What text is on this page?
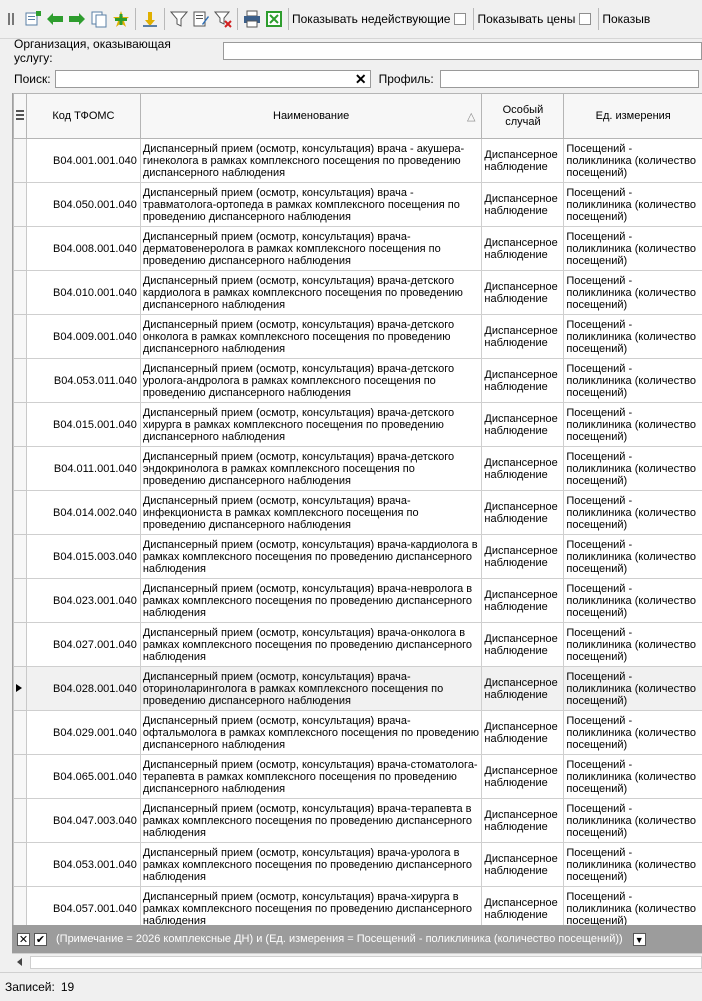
Показывать недействующие Показывать цены Показыв
Организация, оказывающая услугу:
Поиск:	✕	Профиль:
	Код ТФОМС	Наименование △	Особый случай	Ед. измерения
	B04.001.001.040	Диспансерный прием (осмотр, консультация) врача - акушера-гинеколога в рамках комплексного посещения по проведению диспансерного наблюдения	Диспансерное наблюдение	Посещений - поликлиника (количество посещений)
	B04.050.001.040	Диспансерный прием (осмотр, консультация) врача - травматолога-ортопеда в рамках комплексного посещения по проведению диспансерного наблюдения	Диспансерное наблюдение	Посещений - поликлиника (количество посещений)
	B04.008.001.040	Диспансерный прием (осмотр, консультация) врача-дерматовенеролога в рамках комплексного посещения по проведению диспансерного наблюдения	Диспансерное наблюдение	Посещений - поликлиника (количество посещений)
	B04.010.001.040	Диспансерный прием (осмотр, консультация) врача-детского кардиолога в рамках комплексного посещения по проведению диспансерного наблюдения	Диспансерное наблюдение	Посещений - поликлиника (количество посещений)
	B04.009.001.040	Диспансерный прием (осмотр, консультация) врача-детского онколога в рамках комплексного посещения по проведению диспансерного наблюдения	Диспансерное наблюдение	Посещений - поликлиника (количество посещений)
	B04.053.011.040	Диспансерный прием (осмотр, консультация) врача-детского уролога-андролога в рамках комплексного посещения по проведению диспансерного наблюдения	Диспансерное наблюдение	Посещений - поликлиника (количество посещений)
	B04.015.001.040	Диспансерный прием (осмотр, консультация) врача-детского хирурга в рамках комплексного посещения по проведению диспансерного наблюдения	Диспансерное наблюдение	Посещений - поликлиника (количество посещений)
	B04.011.001.040	Диспансерный прием (осмотр, консультация) врача-детского эндокринолога в рамках комплексного посещения по проведению диспансерного наблюдения	Диспансерное наблюдение	Посещений - поликлиника (количество посещений)
	B04.014.002.040	Диспансерный прием (осмотр, консультация) врача-инфекциониста в рамках комплексного посещения по проведению диспансерного наблюдения	Диспансерное наблюдение	Посещений - поликлиника (количество посещений)
	B04.015.003.040	Диспансерный прием (осмотр, консультация) врача-кардиолога в рамках комплексного посещения по проведению диспансерного наблюдения	Диспансерное наблюдение	Посещений - поликлиника (количество посещений)
	B04.023.001.040	Диспансерный прием (осмотр, консультация) врача-невролога в рамках комплексного посещения по проведению диспансерного наблюдения	Диспансерное наблюдение	Посещений - поликлиника (количество посещений)
	B04.027.001.040	Диспансерный прием (осмотр, консультация) врача-онколога в рамках комплексного посещения по проведению диспансерного наблюдения	Диспансерное наблюдение	Посещений - поликлиника (количество посещений)
	B04.028.001.040	Диспансерный прием (осмотр, консультация) врача-оториноларинголога в рамках комплексного посещения по проведению диспансерного наблюдения	Диспансерное наблюдение	Посещений - поликлиника (количество посещений)
	B04.029.001.040	Диспансерный прием (осмотр, консультация) врача-офтальмолога в рамках комплексного посещения по проведению диспансерного наблюдения	Диспансерное наблюдение	Посещений - поликлиника (количество посещений)
	B04.065.001.040	Диспансерный прием (осмотр, консультация) врача-стоматолога-терапевта в рамках комплексного посещения по проведению диспансерного наблюдения	Диспансерное наблюдение	Посещений - поликлиника (количество посещений)
	B04.047.003.040	Диспансерный прием (осмотр, консультация) врача-терапевта в рамках комплексного посещения по проведению диспансерного наблюдения	Диспансерное наблюдение	Посещений - поликлиника (количество посещений)
	B04.053.001.040	Диспансерный прием (осмотр, консультация) врача-уролога в рамках комплексного посещения по проведению диспансерного наблюдения	Диспансерное наблюдение	Посещений - поликлиника (количество посещений)
	B04.057.001.040	Диспансерный прием (осмотр, консультация) врача-хирурга в рамках комплексного посещения по проведению диспансерного наблюдения	Диспансерное наблюдение	Посещений - поликлиника (количество посещений)
✕ ✔ (Примечание = 2026 комплексные ДН) и (Ед. измерения = Посещений - поликлиника (количество посещений)) ▼
Записей: 19
